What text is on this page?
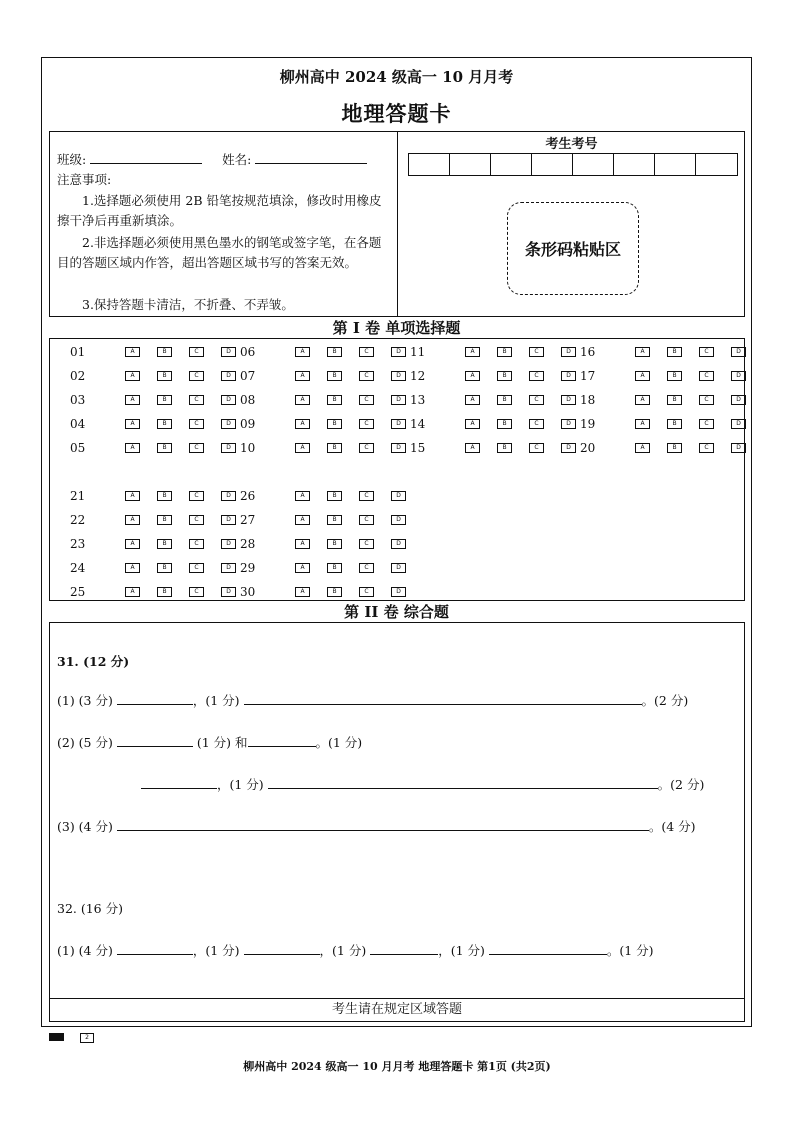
柳州高中 2024 级高一 10 月月考
地理答题卡
班级:	姓名:
注意事项:
1.选择题必须使用 2B 铅笔按规范填涂，修改时用橡皮擦干净后再重新填涂。
2.非选择题必须使用黑色墨水的钢笔或签字笔，在各题目的答题区域内作答，超出答题区域书写的答案无效。
3.保持答题卡清洁，不折叠、不弄皱。
考生考号
条形码粘贴区
第 I 卷 单项选择题
01	A	B	C	D
02	A	B	C	D
03	A	B	C	D
04	A	B	C	D
05	A	B	C	D
06	A	B	C	D
07	A	B	C	D
08	A	B	C	D
09	A	B	C	D
10	A	B	C	D
11	A	B	C	D
12	A	B	C	D
13	A	B	C	D
14	A	B	C	D
15	A	B	C	D
16	A	B	C	D
17	A	B	C	D
18	A	B	C	D
19	A	B	C	D
20	A	B	C	D
21	A	B	C	D
22	A	B	C	D
23	A	B	C	D
24	A	B	C	D
25	A	B	C	D
26	A	B	C	D
27	A	B	C	D
28	A	B	C	D
29	A	B	C	D
30	A	B	C	D
第 II 卷 综合题
31. (12 分)
(1) (3 分)	，(1 分)	。(2 分)
(2) (5 分)	(1 分) 和	。(1 分)
，(1 分)	。(2 分)
(3) (4 分)	。(4 分)
32. (16 分)
(1) (4 分)	，(1 分)	，(1 分)	，(1 分)	。(1 分)
考生请在规定区域答题
2
柳州高中 2024 级高一 10 月月考 地理答题卡 第1页 (共2页)
